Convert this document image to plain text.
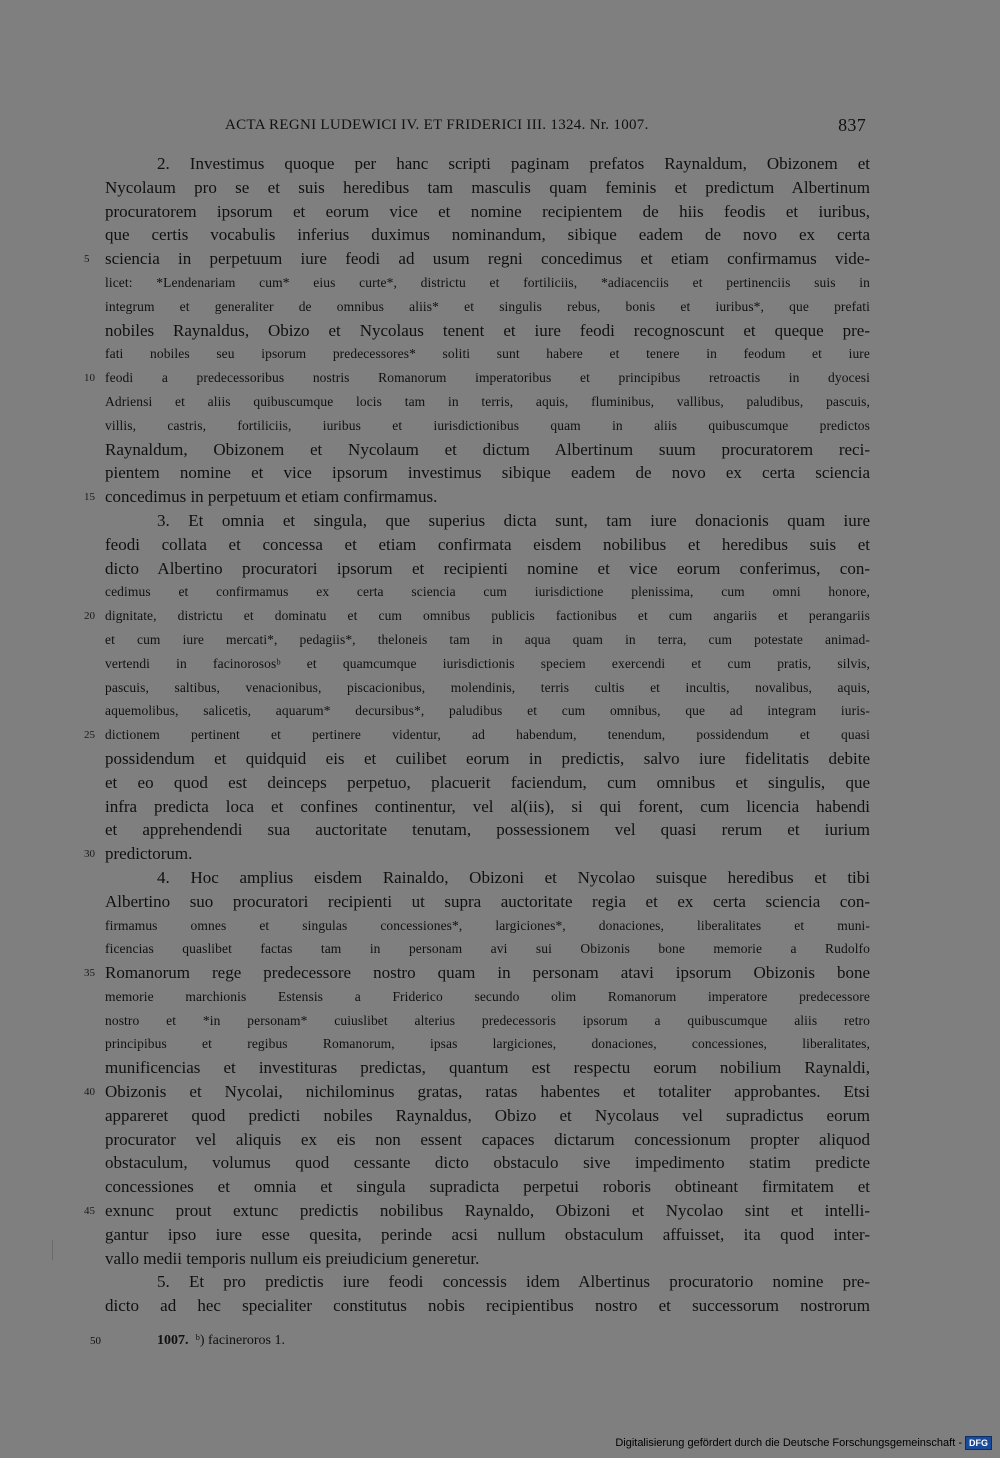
ACTA REGNI LUDEWICI IV. ET FRIDERICI III. 1324. Nr. 1007.	837
2. Investimus quoque per hanc scripti paginam prefatos Raynaldum, Obizonem et
Nycolaum pro se et suis heredibus tam masculis quam feminis et predictum Albertinum
procuratorem ipsorum et eorum vice et nomine recipientem de hiis feodis et iuribus,
que certis vocabulis inferius duximus nominandum, sibique eadem de novo ex certa
sciencia in perpetuum iure feodi ad usum regni concedimus et etiam confirmamus vide-
licet: *Lendenariam cum* eius curte*, districtu et fortiliciis, *adiacenciis et pertinenciis suis in
integrum et generaliter de omnibus aliis* et singulis rebus, bonis et iuribus*, que prefati
nobiles Raynaldus, Obizo et Nycolaus tenent et iure feodi recognoscunt et queque pre-
fati nobiles seu ipsorum predecessores* soliti sunt habere et tenere in feodum et iure
feodi a predecessoribus nostris Romanorum imperatoribus et principibus retroactis in dyocesi
Adriensi et aliis quibuscumque locis tam in terris, aquis, fluminibus, vallibus, paludibus, pascuis,
villis, castris, fortiliciis, iuribus et iurisdictionibus quam in aliis quibuscumque predictos
Raynaldum, Obizonem et Nycolaum et dictum Albertinum suum procuratorem reci-
pientem nomine et vice ipsorum investimus sibique eadem de novo ex certa sciencia
concedimus in perpetuum et etiam confirmamus.
3. Et omnia et singula, que superius dicta sunt, tam iure donacionis quam iure
feodi collata et concessa et etiam confirmata eisdem nobilibus et heredibus suis et
dicto Albertino procuratori ipsorum et recipienti nomine et vice eorum conferimus, con-
cedimus et confirmamus ex certa sciencia cum iurisdictione plenissima, cum omni honore,
dignitate, districtu et dominatu et cum omnibus publicis factionibus et cum angariis et perangariis
et cum iure mercati*, pedagiis*, theloneis tam in aqua quam in terra, cum potestate animad-
vertendi in facinorososᵇ et quamcumque iurisdictionis speciem exercendi et cum pratis, silvis,
pascuis, saltibus, venacionibus, piscacionibus, molendinis, terris cultis et incultis, novalibus, aquis,
aquemolibus, salicetis, aquarum* decursibus*, paludibus et cum omnibus, que ad integram iuris-
dictionem pertinent et pertinere videntur, ad habendum, tenendum, possidendum et quasi
possidendum et quidquid eis et cuilibet eorum in predictis, salvo iure fidelitatis debite
et eo quod est deinceps perpetuo, placuerit faciendum, cum omnibus et singulis, que
infra predicta loca et confines continentur, vel al(iis), si qui forent, cum licencia habendi
et apprehendendi sua auctoritate tenutam, possessionem vel quasi rerum et iurium
predictorum.
4. Hoc amplius eisdem Rainaldo, Obizoni et Nycolao suisque heredibus et tibi
Albertino suo procuratori recipienti ut supra auctoritate regia et ex certa sciencia con-
firmamus omnes et singulas concessiones*, largiciones*, donaciones, liberalitates et muni-
ficencias quaslibet factas tam in personam avi sui Obizonis bone memorie a Rudolfo
Romanorum rege predecessore nostro quam in personam atavi ipsorum Obizonis bone
memorie marchionis Estensis a Friderico secundo olim Romanorum imperatore predecessore
nostro et *in personam* cuiuslibet alterius predecessoris ipsorum a quibuscumque aliis retro
principibus et regibus Romanorum, ipsas largiciones, donaciones, concessiones, liberalitates,
munificencias et investituras predictas, quantum est respectu eorum nobilium Raynaldi,
Obizonis et Nycolai, nichilominus gratas, ratas habentes et totaliter approbantes. Etsi
appareret quod predicti nobiles Raynaldus, Obizo et Nycolaus vel supradictus eorum
procurator vel aliquis ex eis non essent capaces dictarum concessionum propter aliquod
obstaculum, volumus quod cessante dicto obstaculo sive impedimento statim predicte
concessiones et omnia et singula supradicta perpetui roboris obtineant firmitatem et
exnunc prout extunc predictis nobilibus Raynaldo, Obizoni et Nycolao sint et intelli-
gantur ipso iure esse quesita, perinde acsi nullum obstaculum affuisset, ita quod inter-
vallo medii temporis nullum eis preiudicium generetur.
5. Et pro predictis iure feodi concessis idem Albertinus procuratorio nomine pre-
dicto ad hec specialiter constitutus nobis recipientibus nostro et successorum nostrorum
50	1007. ᵇ) facineroros 1.
Digitalisierung gefördert durch die Deutsche Forschungsgemeinschaft - DFG
5
10
15
20
25
30
35
40
45
